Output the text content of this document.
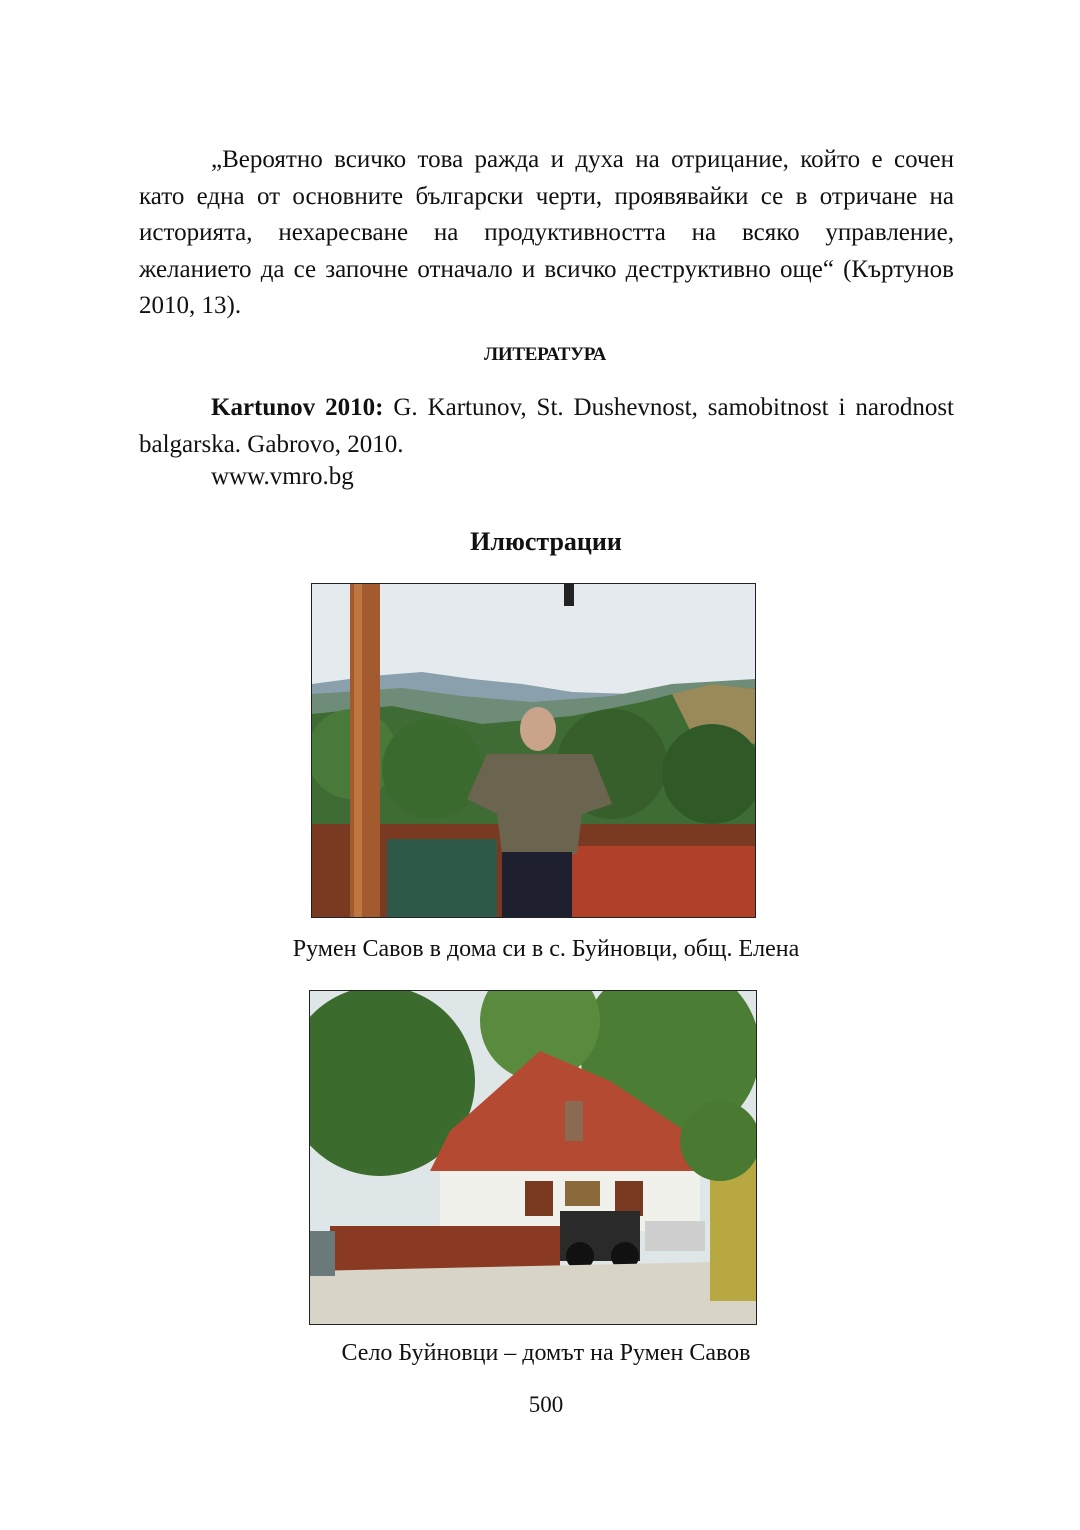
„Вероятно всичко това ражда и духа на отрицание, който е сочен като една от основните български черти, проявявайки се в отричане на историята, нехаресване на продуктивността на всяко управление, желанието да се започне отначало и всичко деструктивно още“ (Къртунов 2010, 13).

ЛИТЕРАТУРА

Kartunov 2010: G. Kartunov, St. Dushevnost, samobitnost i narodnost balgarska. Gabrovo, 2010.

www.vmro.bg
Илюстрации
Румен Савов в дома си в с. Буйновци, общ. Елена
Село Буйновци – домът на Румен Савов
500
